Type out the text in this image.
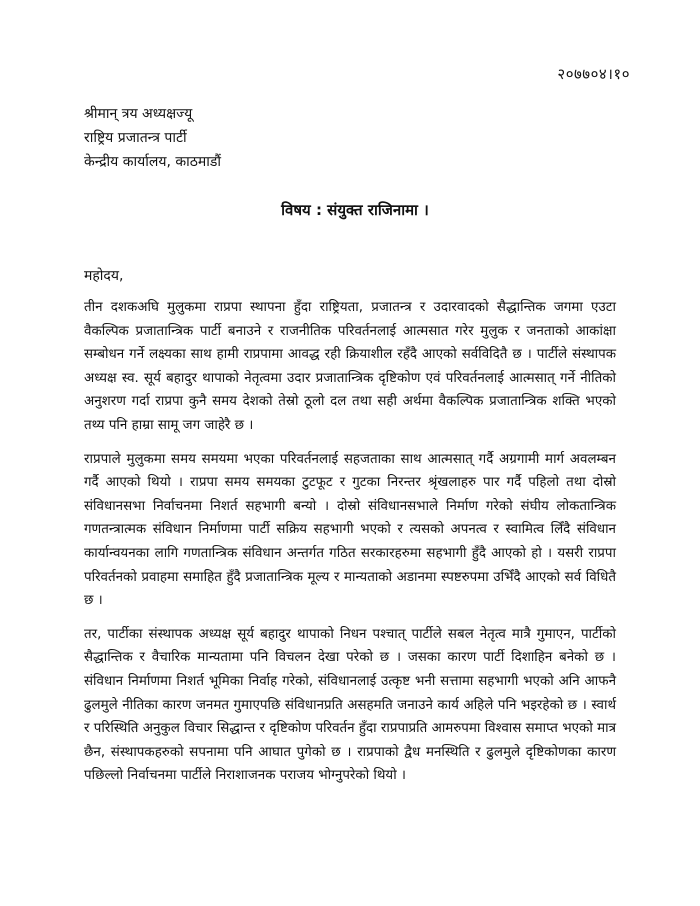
२०७७०४।१०
श्रीमान् त्रय अध्यक्षज्यू
राष्ट्रिय प्रजातन्त्र पार्टी
केन्द्रीय कार्यालय, काठमाडौं
विषय : संयुक्त राजिनामा ।
महोदय,

तीन दशकअघि मुलुकमा राप्रपा स्थापना हुँदा राष्ट्रियता, प्रजातन्त्र र उदारवादको सैद्धान्तिक जगमा एउटा वैकल्पिक प्रजातान्त्रिक पार्टी बनाउने र राजनीतिक परिवर्तनलाई आत्मसात गरेर मुलुक र जनताको आकांक्षा सम्बोधन गर्ने लक्ष्यका साथ हामी राप्रपामा आवद्ध रही क्रियाशील रहँदै आएको सर्वविदितै छ । पार्टीले संस्थापक अध्यक्ष स्व. सूर्य बहादुर थापाको नेतृत्वमा उदार प्रजातान्त्रिक दृष्टिकोण एवं परिवर्तनलाई आत्मसात् गर्ने नीतिको अनुशरण गर्दा राप्रपा कुनै समय देशको तेस्रो ठूलो दल तथा सही अर्थमा वैकल्पिक प्रजातान्त्रिक शक्ति भएको तथ्य पनि हाम्रा सामू जग जाहेरै छ ।

राप्रपाले मुलुकमा समय समयमा भएका परिवर्तनलाई सहजताका साथ आत्मसात् गर्दै अग्रगामी मार्ग अवलम्बन गर्दै आएको थियो । राप्रपा समय समयका टुटफूट र गुटका निरन्तर श्रृंखलाहरु पार गर्दै पहिलो तथा दोस्रो संविधानसभा निर्वाचनमा निशर्त सहभागी बन्यो । दोस्रो संविधानसभाले निर्माण गरेको संघीय लोकतान्त्रिक गणतन्त्रात्मक संविधान निर्माणमा पार्टी सक्रिय सहभागी भएको र त्यसको अपनत्व र स्वामित्व लिँदै संविधान कार्यान्वयनका लागि गणतान्त्रिक संविधान अन्तर्गत गठित सरकारहरुमा सहभागी हुँदै आएको हो । यसरी राप्रपा परिवर्तनको प्रवाहमा समाहित हुँदै प्रजातान्त्रिक मूल्य र मान्यताको अडानमा स्पष्टरुपमा उभिँदै आएको सर्व विधितै छ ।

तर, पार्टीका संस्थापक अध्यक्ष सूर्य बहादुर थापाको निधन पश्चात् पार्टीले सबल नेतृत्व मात्रै गुमाएन, पार्टीको सैद्धान्तिक र वैचारिक मान्यतामा पनि विचलन देखा परेको छ । जसका कारण पार्टी दिशाहिन बनेको छ । संविधान निर्माणमा निशर्त भूमिका निर्वाह गरेको, संविधानलाई उत्कृष्ट भनी सत्तामा सहभागी भएको अनि आफनै ढुलमुले नीतिका कारण जनमत गुमाएपछि संविधानप्रति असहमति जनाउने कार्य अहिले पनि भइरहेको छ । स्वार्थ र परिस्थिति अनुकुल विचार सिद्धान्त र दृष्टिकोण परिवर्तन हुँदा राप्रपाप्रति आमरुपमा विश्वास समाप्त भएको मात्र छैन, संस्थापकहरुको सपनामा पनि आघात पुगेको छ । राप्रपाको द्वैध मनस्थिति र ढुलमुले दृष्टिकोणका कारण पछिल्लो निर्वाचनमा पार्टीले निराशाजनक पराजय भोग्नुपरेको थियो ।
